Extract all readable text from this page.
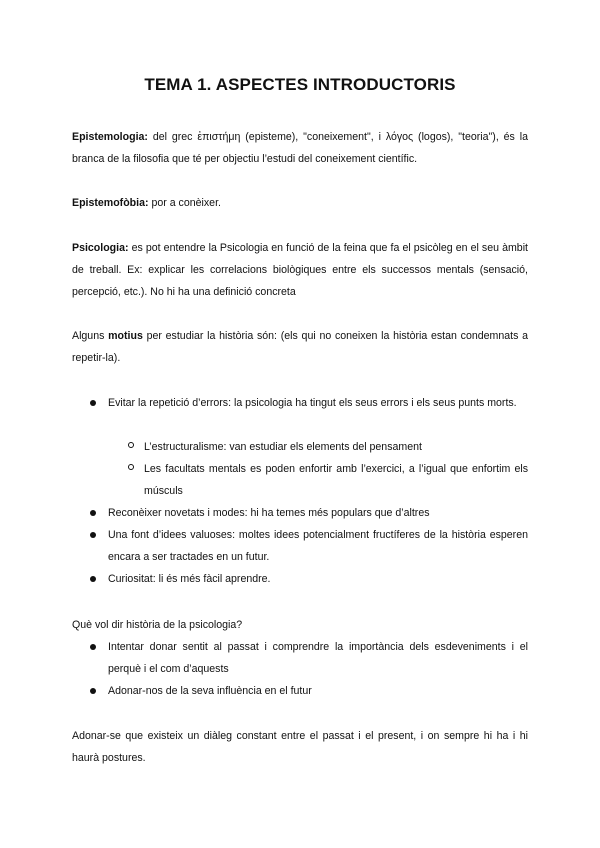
TEMA 1. ASPECTES INTRODUCTORIS
Epistemologia: del grec ἐπιστήμη (episteme), "coneixement", i λόγος (logos), "teoria"), és la branca de la filosofia que té per objectiu l’estudi del coneixement científic.
Epistemofòbia: por a conèixer.
Psicologia: es pot entendre la Psicologia en funció de la feina que fa el psicòleg en el seu àmbit de treball. Ex: explicar les correlacions biològiques entre els successos mentals (sensació, percepció, etc.). No hi ha una definició concreta
Alguns motius per estudiar la història són: (els qui no coneixen la història estan condemnats a repetir-la).
Evitar la repetició d’errors: la psicologia ha tingut els seus errors i els seus punts morts.
L’estructuralisme: van estudiar els elements del pensament
Les facultats mentals es poden enfortir amb l’exercici, a l’igual que enfortim els músculs
Reconèixer novetats i modes: hi ha temes més populars que d’altres
Una font d’idees valuoses: moltes idees potencialment fructíferes de la història esperen encara a ser tractades en un futur.
Curiositat: li és més fàcil aprendre.
Què vol dir història de la psicologia?
Intentar donar sentit al passat i comprendre la importància dels esdeveniments i el perquè i el com d’aquests
Adonar-nos de la seva influència en el futur
Adonar-se que existeix un diàleg constant entre el passat i el present, i on sempre hi ha i hi haurà postures.
